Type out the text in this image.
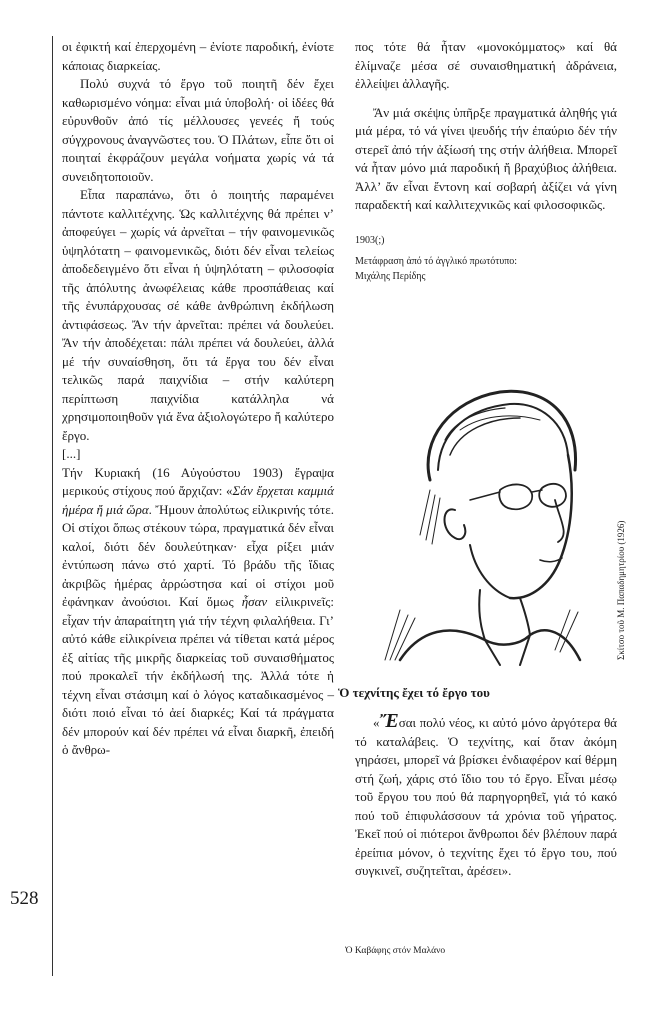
528

οι ἐφικτή καί ἐπερχομένη – ἐνίοτε παροδική, ἐνίοτε κάποιας διαρκείας.

Πολύ συχνά τό ἔργο τοῦ ποιητῆ δέν ἔχει καθωρισμένο νόημα: εἶναι μιά ὑποβολή· οἱ ἰδέες θά εὐρυνθοῦν ἀπό τίς μέλλουσες γενεές ἤ τούς σύγχρονους ἀναγνῶστες του. Ὁ Πλάτων, εἶπε ὅτι οἱ ποιηταί ἐκφράζουν μεγάλα νοήματα χωρίς νά τά συνειδητοποιοῦν.

Εἶπα παραπάνω, ὅτι ὁ ποιητής παραμένει πάντοτε καλλιτέχνης. Ὡς καλλιτέχνης θά πρέπει ν’ ἀποφεύγει – χωρίς νά ἀρνεῖται – τήν φαινομενικῶς ὑψηλότατη – φαινομενικῶς, διότι δέν εἶναι τελείως ἀποδεδειγμένο ὅτι εἶναι ἡ ὑψηλότατη – φιλοσοφία τῆς ἀπόλυτης ἀνωφέλειας κάθε προσπάθειας καί τῆς ἐνυπάρχουσας σέ κάθε ἀνθρώπινη ἐκδήλωση ἀντιφάσεως. Ἄν τήν ἀρνεῖται: πρέπει νά δουλεύει. Ἄν τήν ἀποδέχεται: πάλι πρέπει νά δουλεύει, ἀλλά μέ τήν συναίσθηση, ὅτι τά ἔργα του δέν εἶναι τελικῶς παρά παιχνίδια – στήν καλύτερη περίπτωση παιχνίδια κατάλληλα νά χρησιμοποιηθοῦν γιά ἕνα ἀξιολογώτερο ἤ καλύτερο ἔργο.

[...]

Τήν Κυριακή (16 Αὐγούστου 1903) ἔγραψα μερικούς στίχους πού ἄρχιζαν: «Σάν ἔρχεται καμμιά ἡμέρα ἤ μιά ὥρα. Ἤμουν ἀπολύτως εἰλικρινής τότε. Οἱ στίχοι ὅπως στέκουν τώρα, πραγματικά δέν εἶναι καλοί, διότι δέν δουλεύτηκαν· εἶχα ρίξει μιάν ἐντύπωση πάνω στό χαρτί. Τό βράδυ τῆς ἴδιας ἀκριβῶς ἡμέρας ἀρρώστησα καί οἱ στίχοι μοῦ ἐφάνηκαν ἀνούσιοι. Καί ὅμως ἦσαν εἰλικρινεῖς: εἶχαν τήν ἀπαραίτητη γιά τήν τέχνη φιλαλήθεια. Γι’ αὐτό κάθε εἰλικρίνεια πρέπει νά τίθεται κατά μέρος ἐξ αἰτίας τῆς μικρῆς διαρκείας τοῦ συναισθήματος πού προκαλεῖ τήν ἐκδήλωσή της. Ἀλλά τότε ἡ τέχνη εἶναι στάσιμη καί ὁ λόγος καταδικασμένος – διότι ποιό εἶναι τό ἀεί διαρκές; Καί τά πράγματα δέν μπορούν καί δέν πρέπει νά εἶναι διαρκῆ, ἐπειδή ὁ ἄνθρω-

πος τότε θά ἦταν «μονοκόμματος» καί θά ἐλίμναζε μέσα σέ συναισθηματική ἀδράνεια, ἐλλείψει ἀλλαγῆς.

Ἄν μιά σκέψις ὑπῆρξε πραγματικά ἀληθής γιά μιά μέρα, τό νά γίνει ψευδής τήν ἐπαύριο δέν τήν στερεῖ ἀπό τήν ἀξίωσή της στήν ἀλήθεια. Μπορεῖ νά ἦταν μόνο μιά παροδική ἤ βραχύβιος ἀλήθεια. Ἀλλ’ ἄν εἶναι ἔντονη καί σοβαρή ἀξίζει νά γίνη παραδεκτή καί καλλιτεχνικῶς καί φιλοσοφικῶς.

1903(;)

Μετάφραση ἀπό τό ἀγγλικό πρωτότυπο:

Μιχάλης Περίδης

Σκίτσο τοῦ Μ. Παπαδημητρίου (1926)
Ὁ τεχνίτης ἔχει τό ἔργο του

«Ἔσαι πολύ νέος, κι αὐτό μόνο ἀργότερα θά τό καταλάβεις. Ὁ τεχνίτης, καί ὅταν ἀκόμη γηράσει, μπορεῖ νά βρίσκει ἐνδιαφέρον καί θέρμη στή ζωή, χάρις στό ἴδιο του τό ἔργο. Εἶναι μέσῳ τοῦ ἔργου του πού θά παρηγορηθεῖ, γιά τό κακό πού τοῦ ἐπιφυλάσσουν τά χρόνια τοῦ γήρατος. Ἐκεῖ πού οἱ πιότεροι ἄνθρωποι δέν βλέπουν παρά ἐρείπια μόνον, ὁ τεχνίτης ἔχει τό ἔργο του, πού συγκινεῖ, συζητεῖται, ἀρέσει».

Ὁ Καβάφης στόν Μαλάνο
